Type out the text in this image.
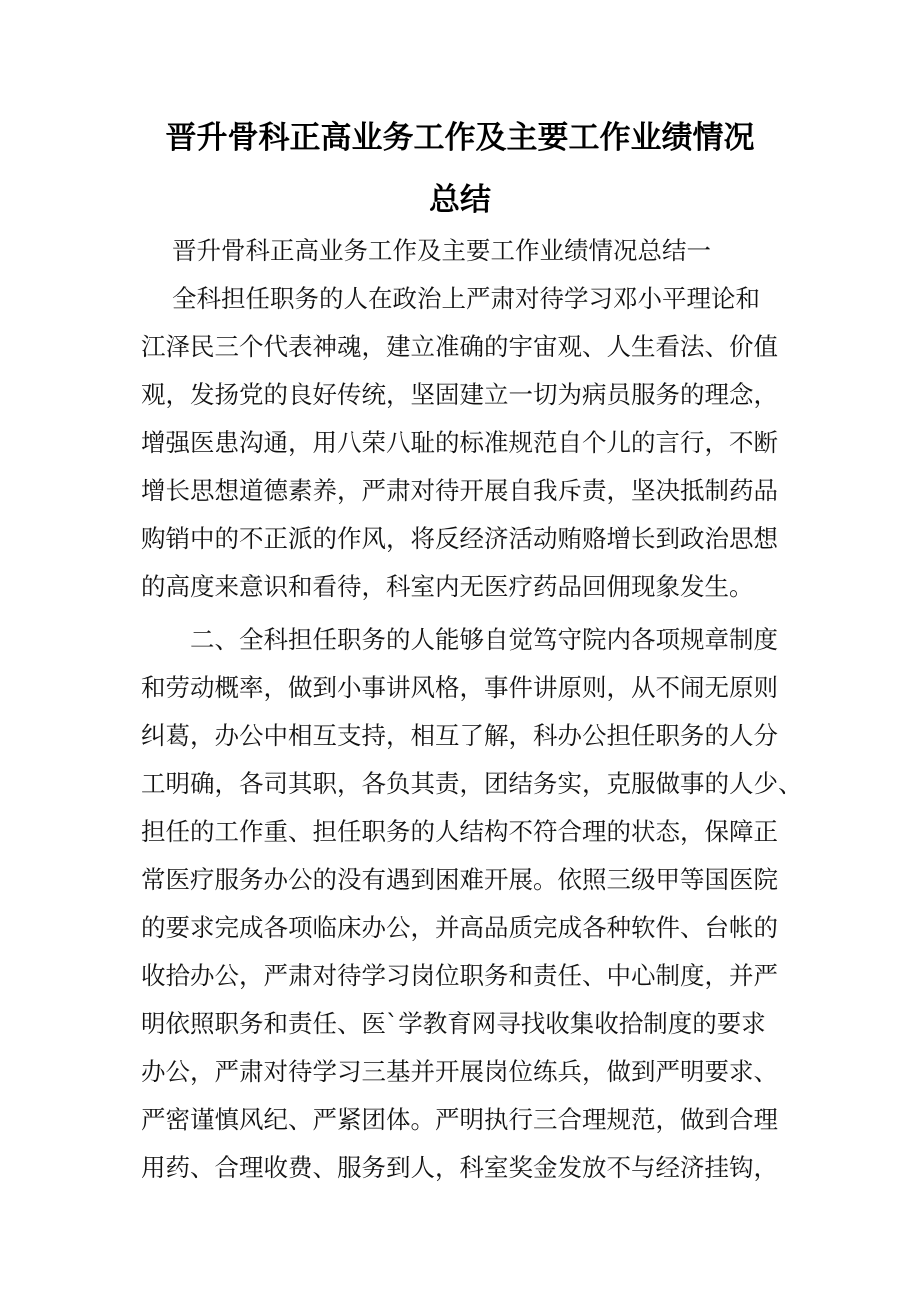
晋升骨科正高业务工作及主要工作业绩情况
总结
晋升骨科正高业务工作及主要工作业绩情况总结一
全科担任职务的人在政治上严肃对待学习邓小平理论和
江泽民三个代表神魂，建立准确的宇宙观、人生看法、价值
观，发扬党的良好传统，坚固建立一切为病员服务的理念，
增强医患沟通，用八荣八耻的标准规范自个儿的言行，不断
增长思想道德素养，严肃对待开展自我斥责，坚决抵制药品
购销中的不正派的作风，将反经济活动贿赂增长到政治思想
的高度来意识和看待，科室内无医疗药品回佣现象发生。
二、全科担任职务的人能够自觉笃守院内各项规章制度
和劳动概率，做到小事讲风格，事件讲原则，从不闹无原则
纠葛，办公中相互支持，相互了解，科办公担任职务的人分
工明确，各司其职，各负其责，团结务实，克服做事的人少、
担任的工作重、担任职务的人结构不符合理的状态，保障正
常医疗服务办公的没有遇到困难开展。依照三级甲等国医院
的要求完成各项临床办公，并高品质完成各种软件、台帐的
收拾办公，严肃对待学习岗位职务和责任、中心制度，并严
明依照职务和责任、医`学教育网寻找收集收拾制度的要求
办公，严肃对待学习三基并开展岗位练兵，做到严明要求、
严密谨慎风纪、严紧团体。严明执行三合理规范，做到合理
用药、合理收费、服务到人，科室奖金发放不与经济挂钩，
